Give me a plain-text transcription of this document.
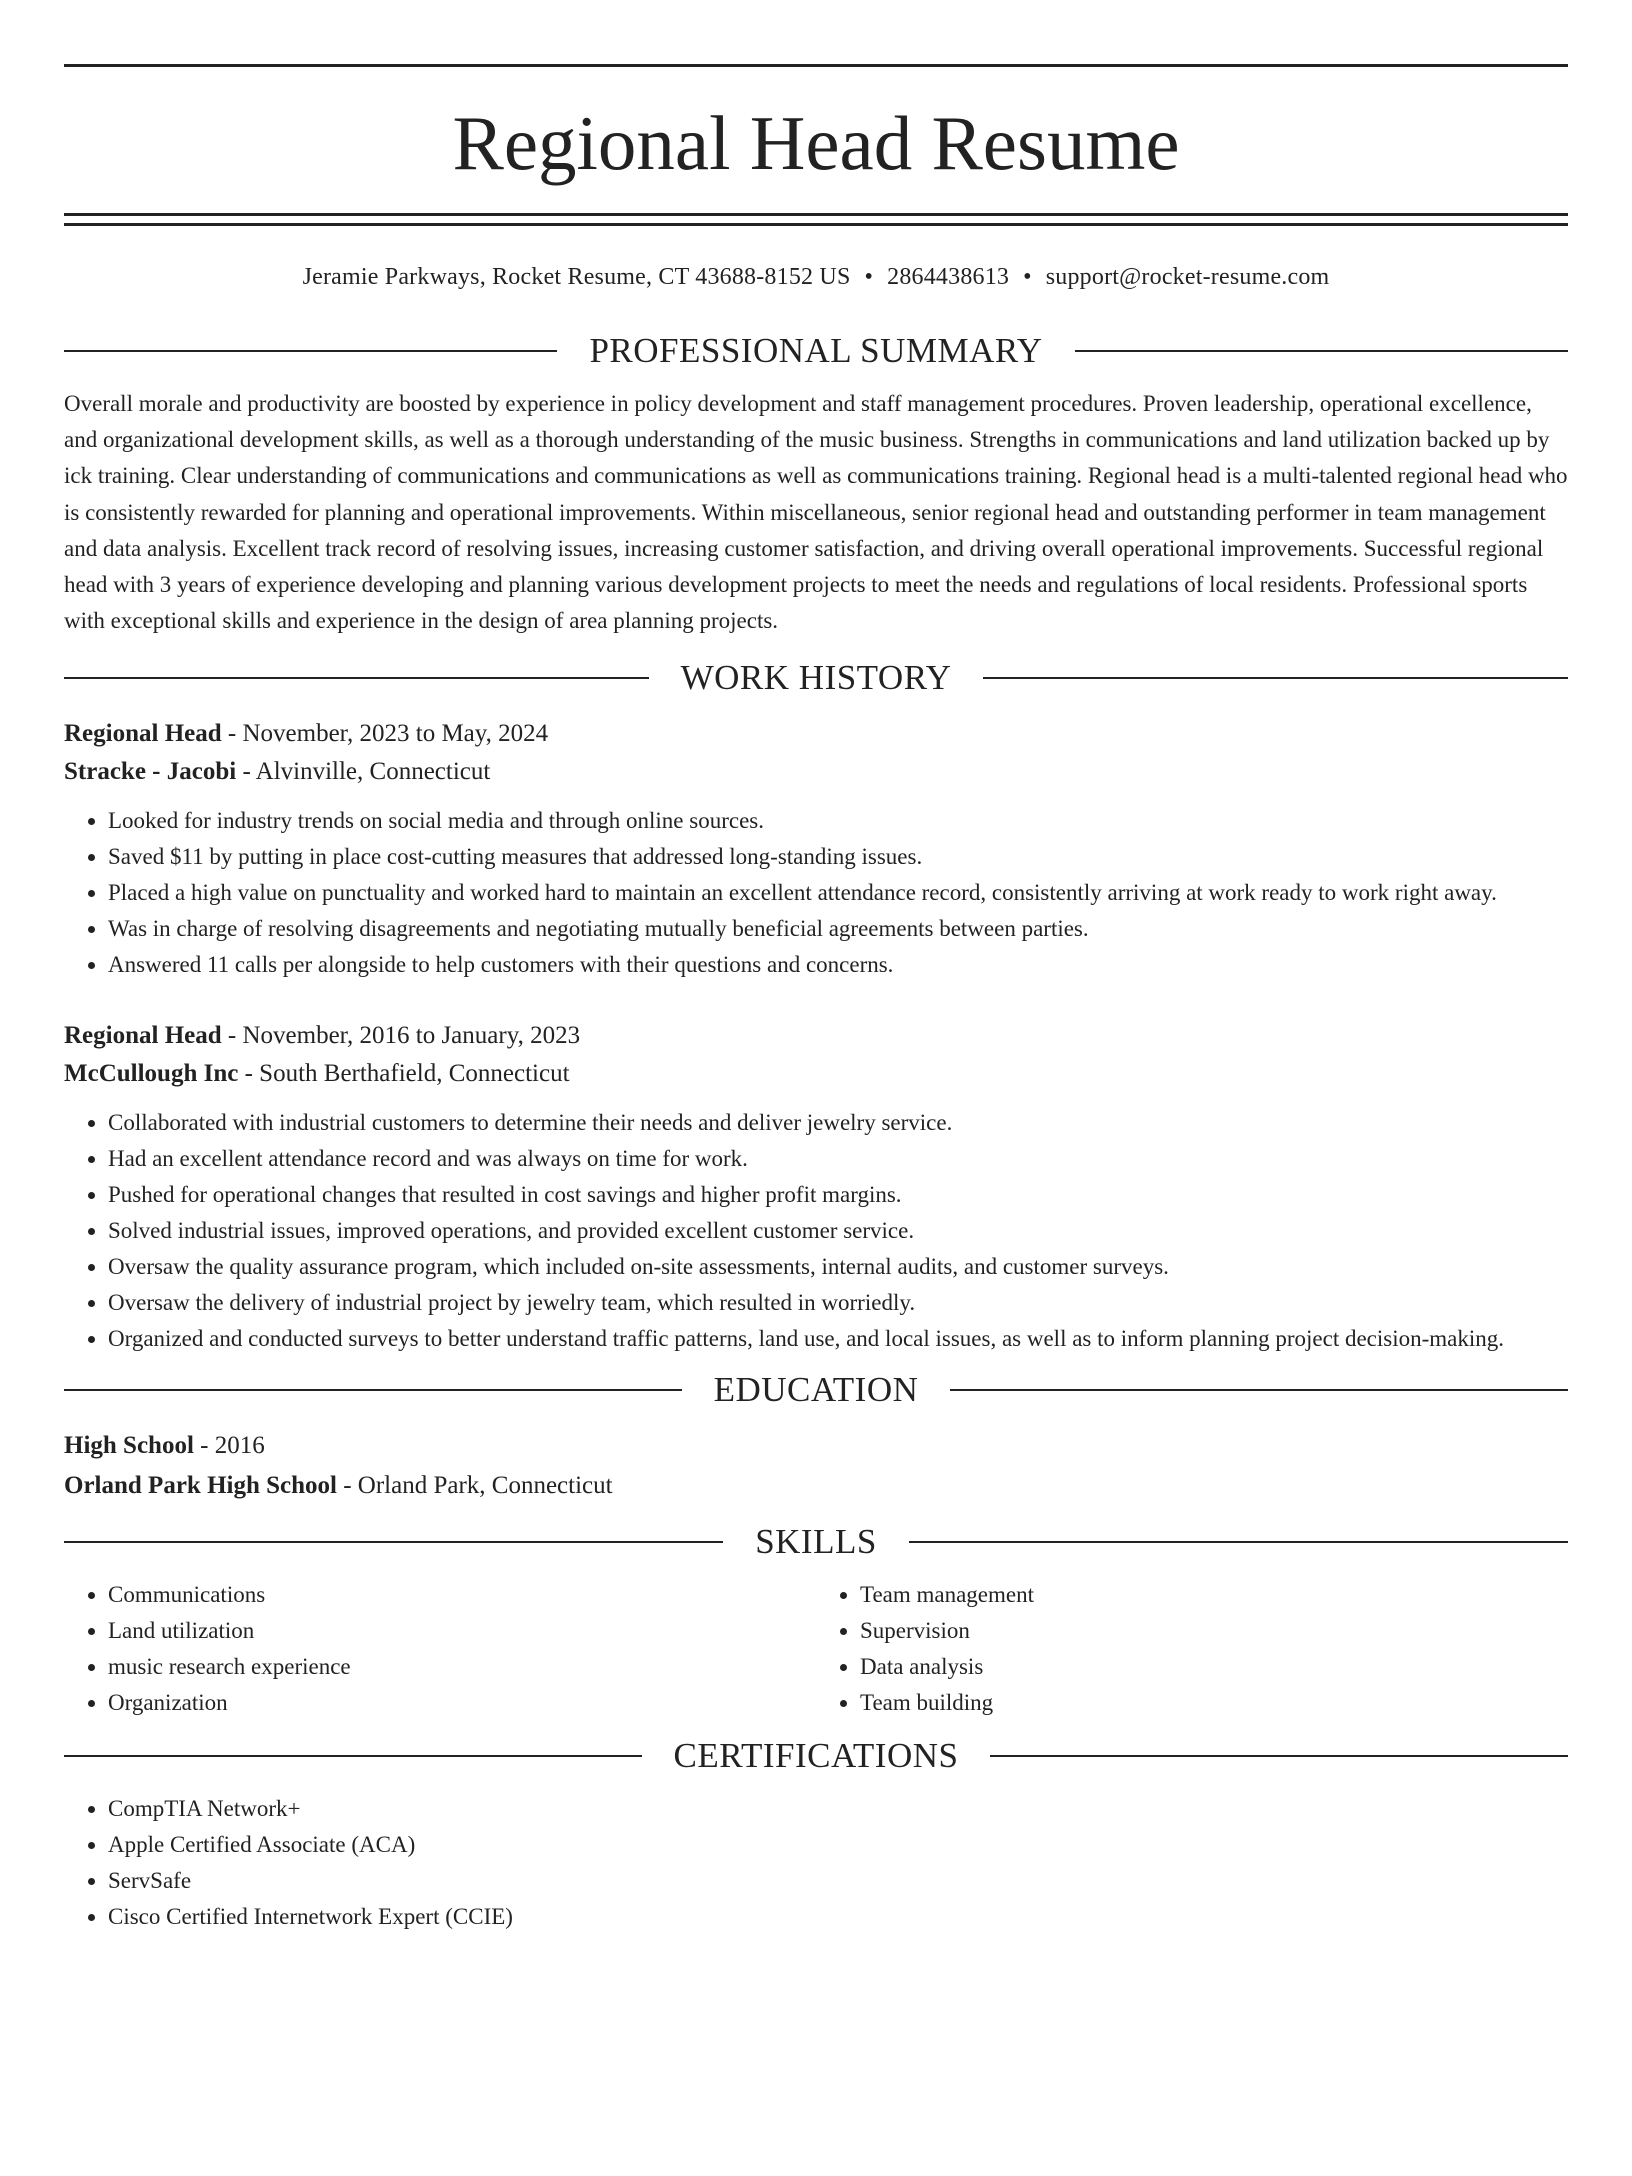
Regional Head Resume
Jeramie Parkways, Rocket Resume, CT 43688-8152 US • 2864438613 • support@rocket-resume.com
PROFESSIONAL SUMMARY

Overall morale and productivity are boosted by experience in policy development and staff management procedures. Proven leadership, operational excellence, and organizational development skills, as well as a thorough understanding of the music business. Strengths in communications and land utilization backed up by ick training. Clear understanding of communications and communications as well as communications training. Regional head is a multi-talented regional head who is consistently rewarded for planning and operational improvements. Within miscellaneous, senior regional head and outstanding performer in team management and data analysis. Excellent track record of resolving issues, increasing customer satisfaction, and driving overall operational improvements. Successful regional head with 3 years of experience developing and planning various development projects to meet the needs and regulations of local residents. Professional sports with exceptional skills and experience in the design of area planning projects.

WORK HISTORY

Regional Head - November, 2023 to May, 2024

Stracke - Jacobi - Alvinville, Connecticut

• Looked for industry trends on social media and through online sources.
• Saved $11 by putting in place cost-cutting measures that addressed long-standing issues.
• Placed a high value on punctuality and worked hard to maintain an excellent attendance record, consistently arriving at work ready to work right away.
• Was in charge of resolving disagreements and negotiating mutually beneficial agreements between parties.
• Answered 11 calls per alongside to help customers with their questions and concerns.

Regional Head - November, 2016 to January, 2023

McCullough Inc - South Berthafield, Connecticut

• Collaborated with industrial customers to determine their needs and deliver jewelry service.
• Had an excellent attendance record and was always on time for work.
• Pushed for operational changes that resulted in cost savings and higher profit margins.
• Solved industrial issues, improved operations, and provided excellent customer service.
• Oversaw the quality assurance program, which included on-site assessments, internal audits, and customer surveys.
• Oversaw the delivery of industrial project by jewelry team, which resulted in worriedly.
• Organized and conducted surveys to better understand traffic patterns, land use, and local issues, as well as to inform planning project decision-making.
EDUCATION

High School - 2016

Orland Park High School - Orland Park, Connecticut

SKILLS
• Communications
• Land utilization
• music research experience
• Organization
• Team management
• Supervision
• Data analysis
• Team building
CERTIFICATIONS
• CompTIA Network+
• Apple Certified Associate (ACA)
• ServSafe
• Cisco Certified Internetwork Expert (CCIE)
